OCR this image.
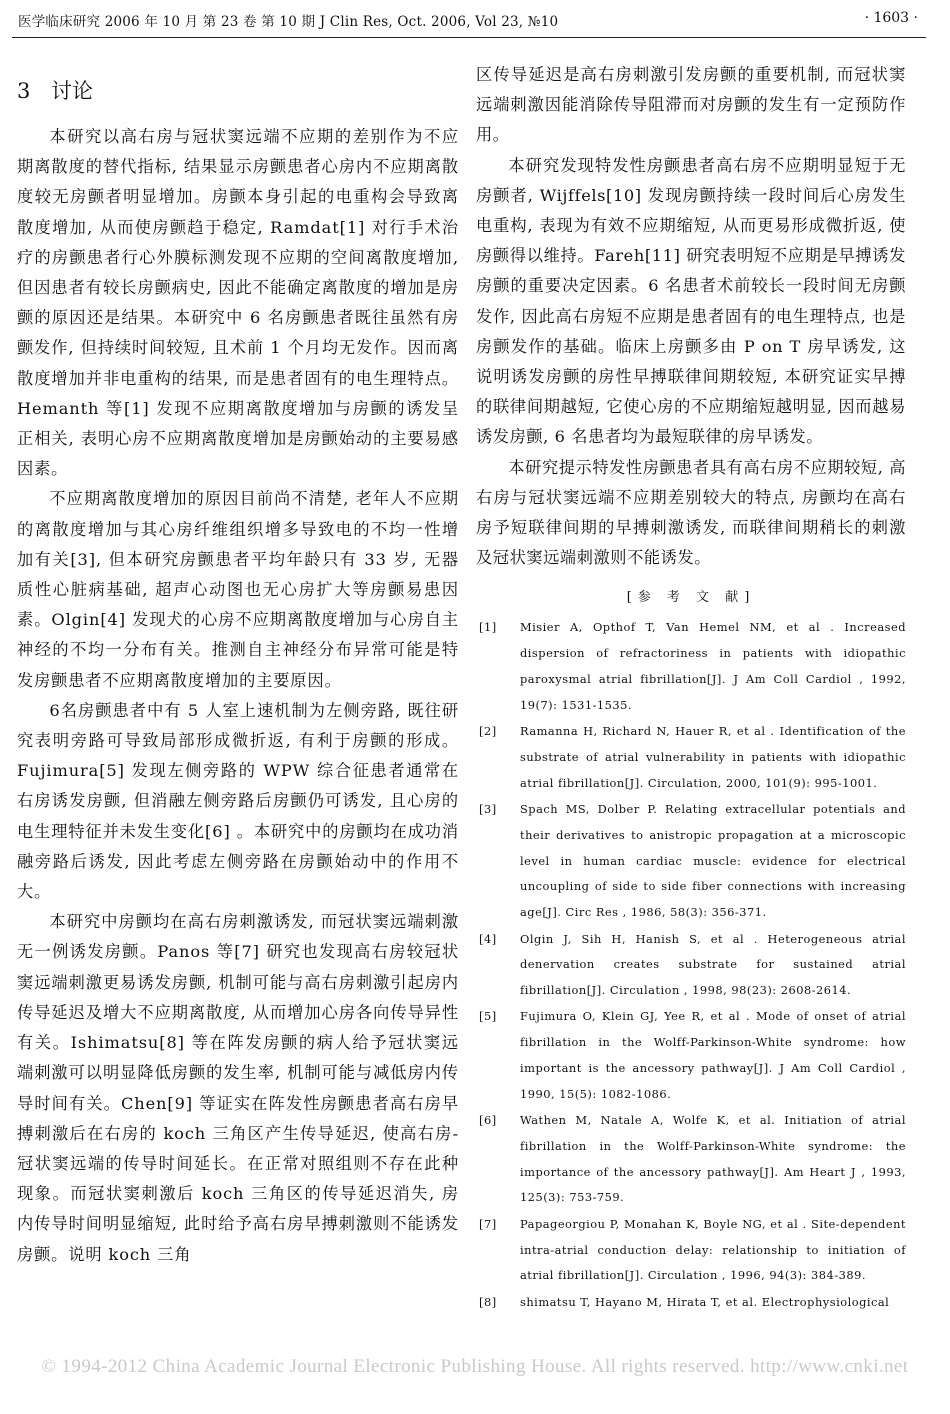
医学临床研究 2006 年 10 月 第 23 卷 第 10 期 J Clin Res, Oct. 2006, Vol 23, №10	· 1603 ·
3 讨论

本研究以高右房与冠状窦远端不应期的差别作为不应期离散度的替代指标, 结果显示房颤患者心房内不应期离散度较无房颤者明显增加。房颤本身引起的电重构会导致离散度增加, 从而使房颤趋于稳定, Ramdat[1] 对行手术治疗的房颤患者行心外膜标测发现不应期的空间离散度增加, 但因患者有较长房颤病史, 因此不能确定离散度的增加是房颤的原因还是结果。本研究中 6 名房颤患者既往虽然有房颤发作, 但持续时间较短, 且术前 1 个月均无发作。因而离散度增加并非电重构的结果, 而是患者固有的电生理特点。Hemanth 等[1] 发现不应期离散度增加与房颤的诱发呈正相关, 表明心房不应期离散度增加是房颤始动的主要易感因素。

不应期离散度增加的原因目前尚不清楚, 老年人不应期的离散度增加与其心房纤维组织增多导致电的不均一性增加有关[3], 但本研究房颤患者平均年龄只有 33 岁, 无器质性心脏病基础, 超声心动图也无心房扩大等房颤易患因素。Olgin[4] 发现犬的心房不应期离散度增加与心房自主神经的不均一分布有关。推测自主神经分布异常可能是特发房颤患者不应期离散度增加的主要原因。

6名房颤患者中有 5 人室上速机制为左侧旁路, 既往研究表明旁路可导致局部形成微折返, 有利于房颤的形成。Fujimura[5] 发现左侧旁路的 WPW 综合征患者通常在右房诱发房颤, 但消融左侧旁路后房颤仍可诱发, 且心房的电生理特征并未发生变化[6] 。本研究中的房颤均在成功消融旁路后诱发, 因此考虑左侧旁路在房颤始动中的作用不大。

本研究中房颤均在高右房刺激诱发, 而冠状窦远端刺激无一例诱发房颤。Panos 等[7] 研究也发现高右房较冠状窦远端刺激更易诱发房颤, 机制可能与高右房刺激引起房内传导延迟及增大不应期离散度, 从而增加心房各向传导异性有关。Ishimatsu[8] 等在阵发房颤的病人给予冠状窦远端刺激可以明显降低房颤的发生率, 机制可能与减低房内传导时间有关。Chen[9] 等证实在阵发性房颤患者高右房早搏刺激后在右房的 koch 三角区产生传导延迟, 使高右房- 冠状窦远端的传导时间延长。在正常对照组则不存在此种现象。而冠状窦刺激后 koch 三角区的传导延迟消失, 房内传导时间明显缩短, 此时给予高右房早搏刺激则不能诱发房颤。说明 koch 三角

区传导延迟是高右房刺激引发房颤的重要机制, 而冠状窦远端刺激因能消除传导阻滞而对房颤的发生有一定预防作用。

本研究发现特发性房颤患者高右房不应期明显短于无房颤者, Wijffels[10] 发现房颤持续一段时间后心房发生电重构, 表现为有效不应期缩短, 从而更易形成微折返, 使房颤得以维持。Fareh[11] 研究表明短不应期是早搏诱发房颤的重要决定因素。6 名患者术前较长一段时间无房颤发作, 因此高右房短不应期是患者固有的电生理特点, 也是房颤发作的基础。临床上房颤多由 P on T 房早诱发, 这说明诱发房颤的房性早搏联律间期较短, 本研究证实早搏的联律间期越短, 它使心房的不应期缩短越明显, 因而越易诱发房颤, 6 名患者均为最短联律的房早诱发。

本研究提示特发性房颤患者具有高右房不应期较短, 高右房与冠状窦远端不应期差别较大的特点, 房颤均在高右房予短联律间期的早搏刺激诱发, 而联律间期稍长的刺激及冠状窦远端刺激则不能诱发。

[参 考 文 献]
[1] Misier A, Opthof T, Van Hemel NM, et al . Increased dispersion of refractoriness in patients with idiopathic paroxysmal atrial fibrillation[J]. J Am Coll Cardiol , 1992, 19(7): 1531-1535.
[2] Ramanna H, Richard N, Hauer R, et al . Identification of the substrate of atrial vulnerability in patients with idiopathic atrial fibrillation[J]. Circulation, 2000, 101(9): 995-1001.
[3] Spach MS, Dolber P. Relating extracellular potentials and their derivatives to anistropic propagation at a microscopic level in human cardiac muscle: evidence for electrical uncoupling of side to side fiber connections with increasing age[J]. Circ Res , 1986, 58(3): 356-371.
[4] Olgin J, Sih H, Hanish S, et al . Heterogeneous atrial denervation creates substrate for sustained atrial fibrillation[J]. Circulation , 1998, 98(23): 2608-2614.
[5] Fujimura O, Klein GJ, Yee R, et al . Mode of onset of atrial fibrillation in the Wolff-Parkinson-White syndrome: how important is the ancessory pathway[J]. J Am Coll Cardiol , 1990, 15(5): 1082-1086.
[6] Wathen M, Natale A, Wolfe K, et al. Initiation of atrial fibrillation in the Wolff-Parkinson-White syndrome: the importance of the ancessory pathway[J]. Am Heart J , 1993, 125(3): 753-759.
[7] Papageorgiou P, Monahan K, Boyle NG, et al . Site-dependent intra-atrial conduction delay: relationship to initiation of atrial fibrillation[J]. Circulation , 1996, 94(3): 384-389.
[8] shimatsu T, Hayano M, Hirata T, et al. Electrophysiological
© 1994-2012 China Academic Journal Electronic Publishing House. All rights reserved. http://www.cnki.net
